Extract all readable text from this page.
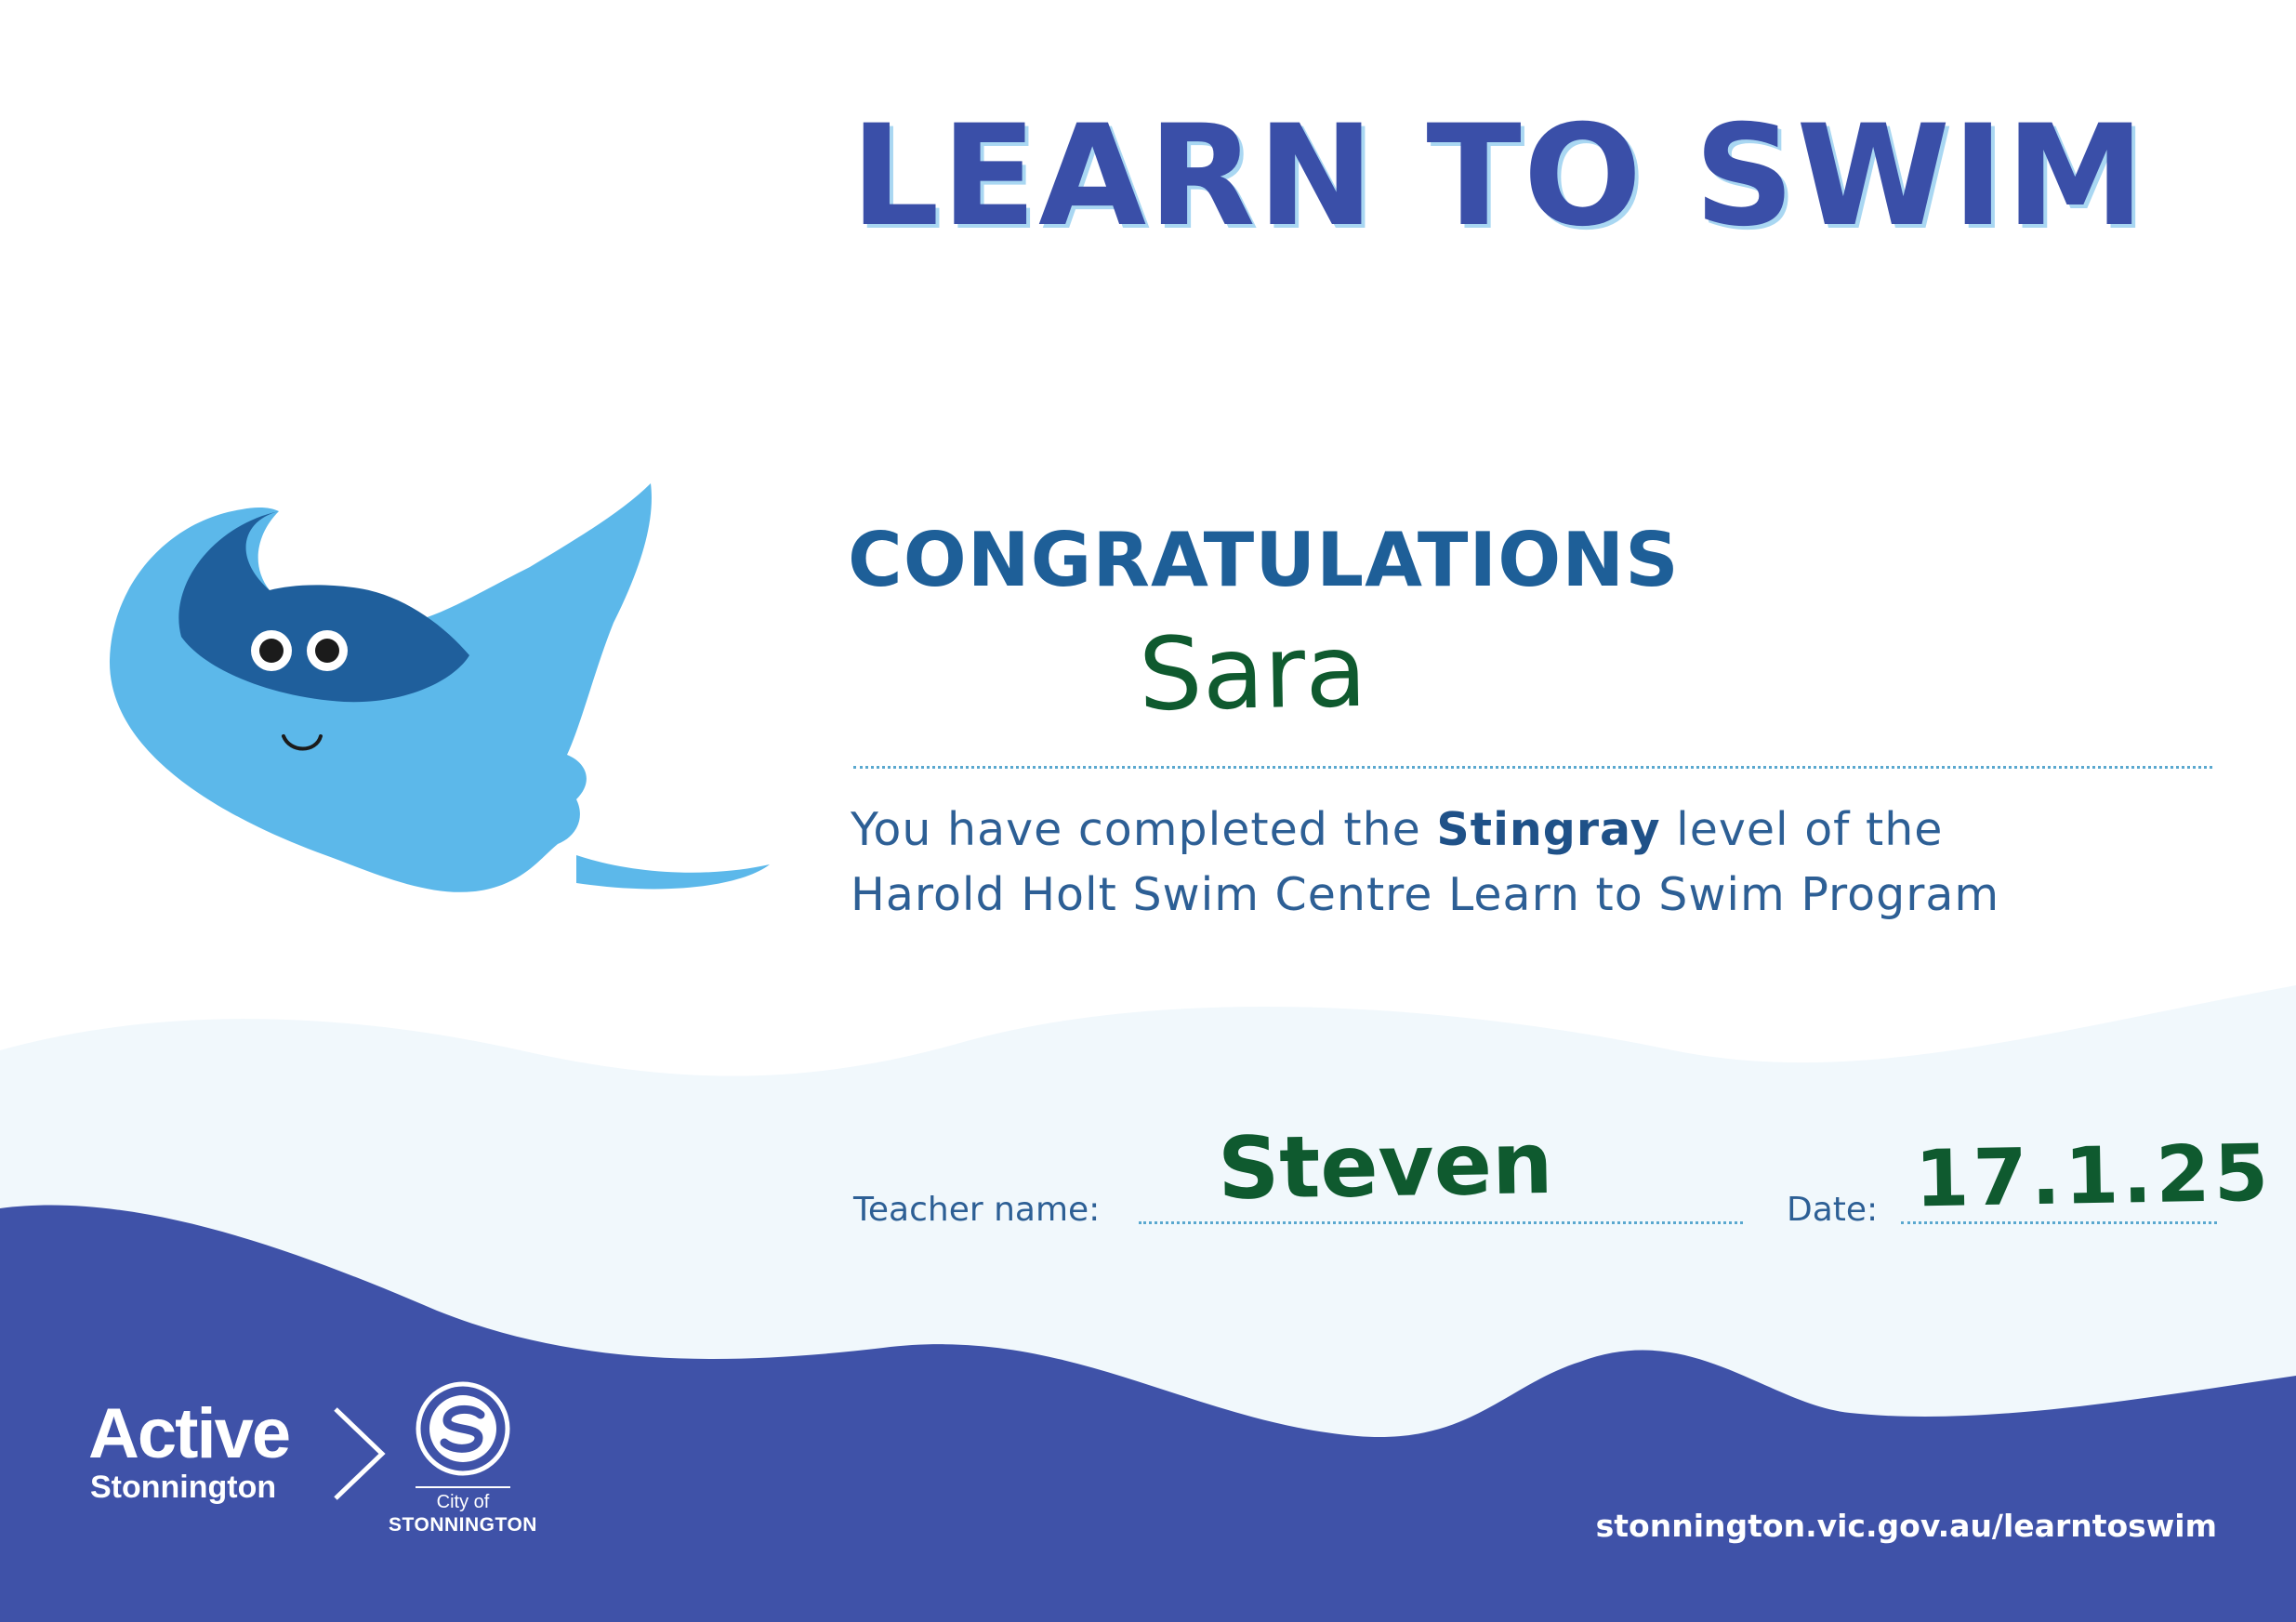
LEARN TO SWIM
CONGRATULATIONS
Sara
You have completed the Stingray level of the
Harold Holt Swim Centre Learn to Swim Program
Teacher name: Steven	Date: 17.1.25
Active
Stonnington	City of
STONNINGTON	stonnington.vic.gov.au/learntoswim
